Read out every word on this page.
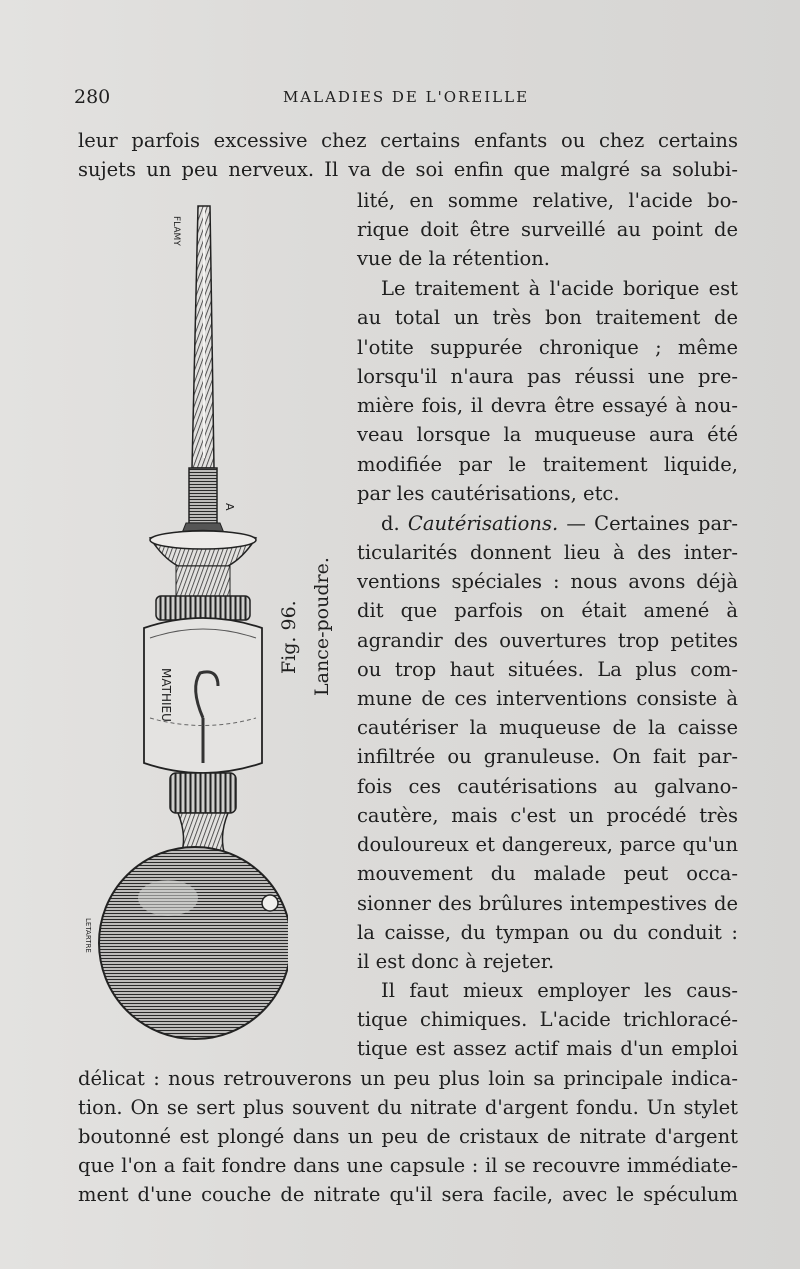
280	MALADIES DE L'OREILLE
leur parfois excessive chez certains enfants ou chez certains
sujets un peu nerveux. Il va de soi enfin que malgré sa solubi-
lité, en somme relative, l'acide bo-
rique doit être surveillé au point de
vue de la rétention.
Le traitement à l'acide borique est
au total un très bon traitement de
l'otite suppurée chronique ; même
lorsqu'il n'aura pas réussi une pre-
mière fois, il devra être essayé à nou-
veau lorsque la muqueuse aura été
modifiée par le traitement liquide,
par les cautérisations, etc.
d. Cautérisations. — Certaines par-
ticularités donnent lieu à des inter-
ventions spéciales : nous avons déjà
dit que parfois on était amené à
agrandir des ouvertures trop petites
ou trop haut situées. La plus com-
mune de ces interventions consiste à
cautériser la muqueuse de la caisse
infiltrée ou granuleuse. On fait par-
fois ces cautérisations au galvano-
cautère, mais c'est un procédé très
douloureux et dangereux, parce qu'un
mouvement du malade peut occa-
sionner des brûlures intempestives de
la caisse, du tympan ou du conduit :
il est donc à rejeter.
Il faut mieux employer les caus-
tique chimiques. L'acide trichloracé-
tique est assez actif mais d'un emploi
délicat : nous retrouverons un peu plus loin sa principale indica-
tion. On se sert plus souvent du nitrate d'argent fondu. Un stylet
boutonné est plongé dans un peu de cristaux de nitrate d'argent
que l'on a fait fondre dans une capsule : il se recouvre immédiate-
ment d'une couche de nitrate qu'il sera facile, avec le spéculum
MATHIEU
LETARTRE
FLAMY
A
Fig. 96. Lance-poudre.
